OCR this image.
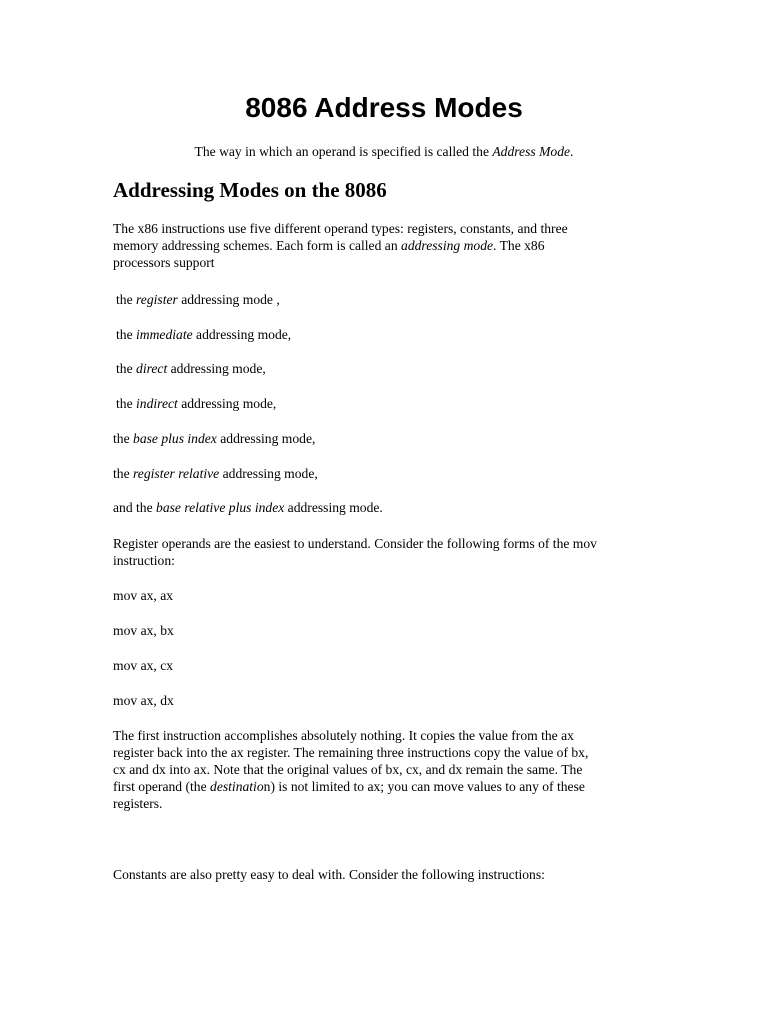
8086 Address Modes

The way in which an operand is specified is called the Address Mode.

Addressing Modes on the 8086
The x86 instructions use five different operand types: registers, constants, and three
memory addressing schemes. Each form is called an addressing mode. The x86
processors support
the register addressing mode ,
the immediate addressing mode,
the direct addressing mode,
the indirect addressing mode,
the base plus index addressing mode,
the register relative addressing mode,
and the base relative plus index addressing mode.
Register operands are the easiest to understand. Consider the following forms of the mov
instruction:
mov ax, ax
mov ax, bx
mov ax, cx
mov ax, dx
The first instruction accomplishes absolutely nothing. It copies the value from the ax
register back into the ax register. The remaining three instructions copy the value of bx,
cx and dx into ax. Note that the original values of bx, cx, and dx remain the same. The
first operand (the destination) is not limited to ax; you can move values to any of these
registers.
Constants are also pretty easy to deal with. Consider the following instructions:
